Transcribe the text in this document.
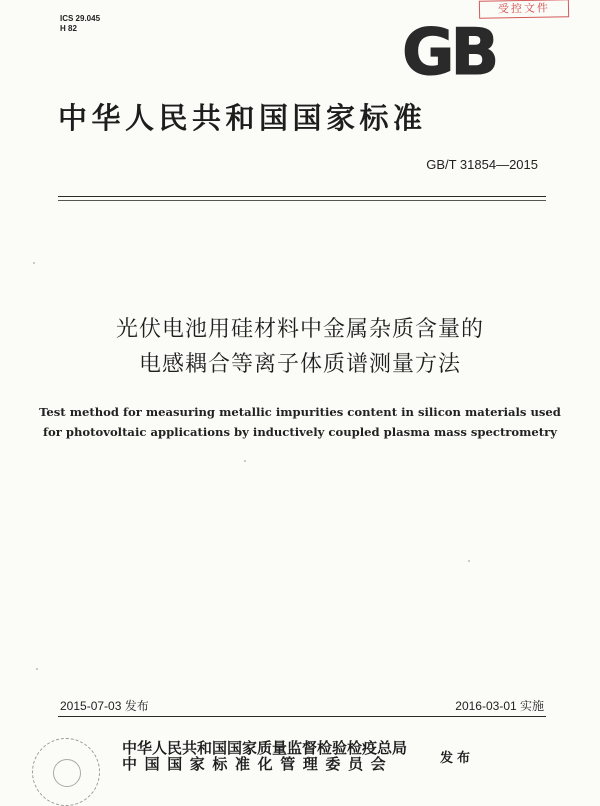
ICS 29.045
H 82
受控文件
GB
中华人民共和国国家标准
GB/T 31854—2015
光伏电池用硅材料中金属杂质含量的
电感耦合等离子体质谱测量方法
Test method for measuring metallic impurities content in silicon materials used
for photovoltaic applications by inductively coupled plasma mass spectrometry
2015-07-03 发布	2016-03-01 实施
中华人民共和国国家质量监督检验检疫总局
中国国家标准化管理委员会	发布
